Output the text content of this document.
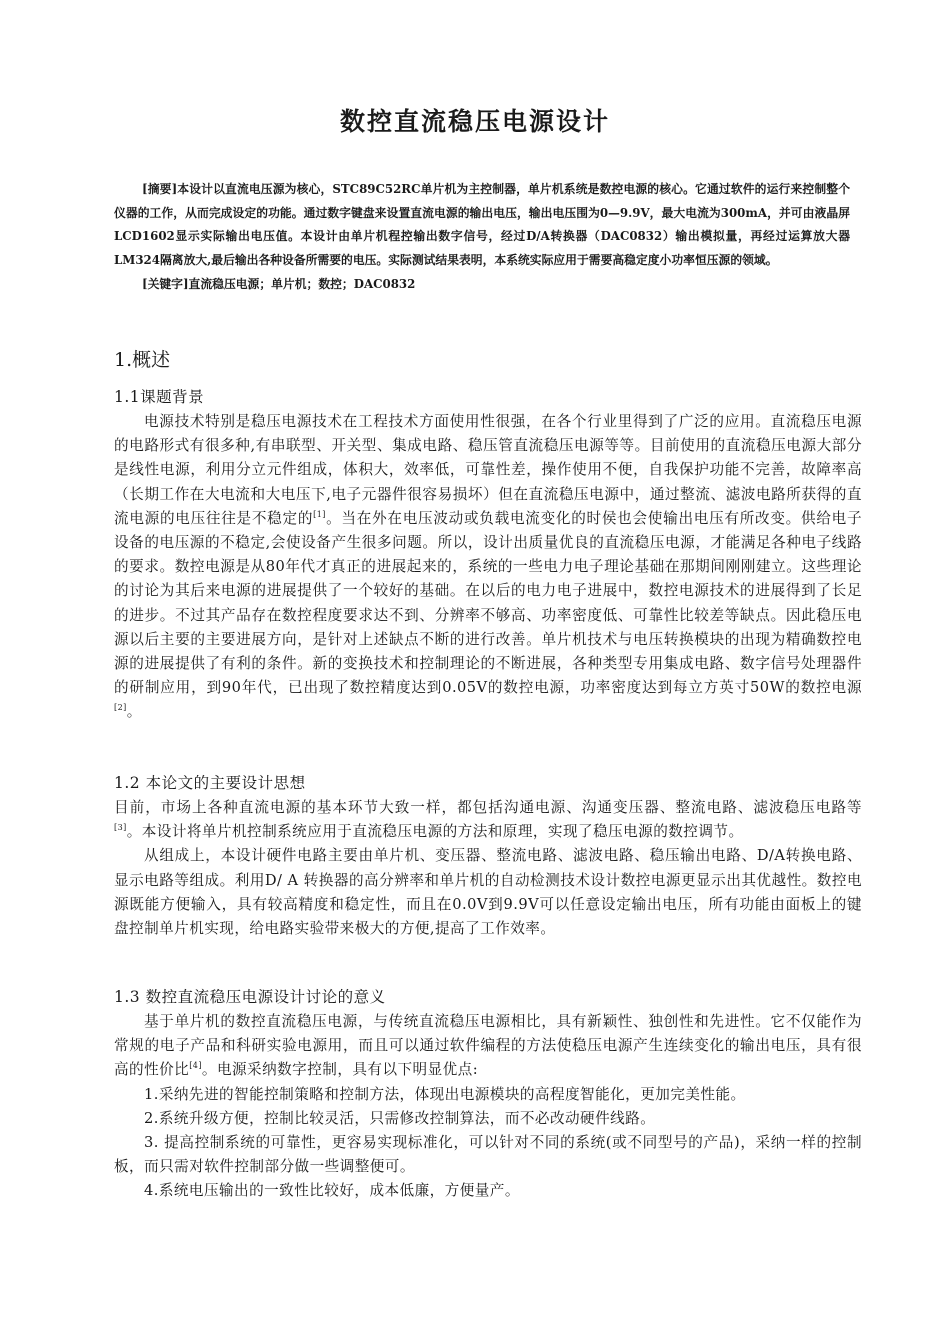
数控直流稳压电源设计

[摘要]本设计以直流电压源为核心，STC89C52RC单片机为主控制器，单片机系统是数控电源的核心。它通过软件的运行来控制整个仪器的工作，从而完成设定的功能。通过数字键盘来设置直流电源的输出电压，输出电压围为0—9.9V，最大电流为300mA，并可由液晶屏LCD1602显示实际输出电压值。本设计由单片机程控输出数字信号，经过D/A转换器（DAC0832）输出模拟量，再经过运算放大器LM324隔离放大,最后输出各种设备所需要的电压。实际测试结果表明，本系统实际应用于需要高稳定度小功率恒压源的领域。

[关键字]直流稳压电源；单片机；数控；DAC0832

1.概述
1.1课题背景

电源技术特别是稳压电源技术在工程技术方面使用性很强，在各个行业里得到了广泛的应用。直流稳压电源的电路形式有很多种,有串联型、开关型、集成电路、稳压管直流稳压电源等等。目前使用的直流稳压电源大部分是线性电源，利用分立元件组成，体积大，效率低，可靠性差，操作使用不便，自我保护功能不完善，故障率高（长期工作在大电流和大电压下,电子元器件很容易损坏）但在直流稳压电源中，通过整流、滤波电路所获得的直流电源的电压往往是不稳定的[1]。当在外在电压波动或负载电流变化的时侯也会使输出电压有所改变。供给电子设备的电压源的不稳定,会使设备产生很多问题。所以，设计出质量优良的直流稳压电源，才能满足各种电子线路的要求。数控电源是从80年代才真正的进展起来的，系统的一些电力电子理论基础在那期间刚刚建立。这些理论的讨论为其后来电源的进展提供了一个较好的基础。在以后的电力电子进展中，数控电源技术的进展得到了长足的进步。不过其产品存在数控程度要求达不到、分辨率不够高、功率密度低、可靠性比较差等缺点。因此稳压电源以后主要的主要进展方向，是针对上述缺点不断的进行改善。单片机技术与电压转换模块的出现为精确数控电源的进展提供了有利的条件。新的变换技术和控制理论的不断进展，各种类型专用集成电路、数字信号处理器件的研制应用，到90年代，已出现了数控精度达到0.05V的数控电源，功率密度达到每立方英寸50W的数控电源[2]。

1.2 本论文的主要设计思想

目前，市场上各种直流电源的基本环节大致一样，都包括沟通电源、沟通变压器、整流电路、滤波稳压电路等[3]。本设计将单片机控制系统应用于直流稳压电源的方法和原理，实现了稳压电源的数控调节。

从组成上，本设计硬件电路主要由单片机、变压器、整流电路、滤波电路、稳压输出电路、D/A转换电路、显示电路等组成。利用D/ A 转换器的高分辨率和单片机的自动检测技术设计数控电源更显示出其优越性。数控电源既能方便输入，具有较高精度和稳定性，而且在0.0V到9.9V可以任意设定输出电压，所有功能由面板上的键盘控制单片机实现，给电路实验带来极大的方便,提高了工作效率。

1.3 数控直流稳压电源设计讨论的意义

基于单片机的数控直流稳压电源，与传统直流稳压电源相比，具有新颖性、独创性和先进性。它不仅能作为常规的电子产品和科研实验电源用，而且可以通过软件编程的方法使稳压电源产生连续变化的输出电压，具有很高的性价比[4]。电源采纳数字控制，具有以下明显优点:

1.采纳先进的智能控制策略和控制方法，体现出电源模块的高程度智能化，更加完美性能。

2.系统升级方便，控制比较灵活，只需修改控制算法，而不必改动硬件线路。

3. 提高控制系统的可靠性，更容易实现标准化，可以针对不同的系统(或不同型号的产品)，采纳一样的控制板，而只需对软件控制部分做一些调整便可。

4.系统电压输出的一致性比较好，成本低廉，方便量产。
